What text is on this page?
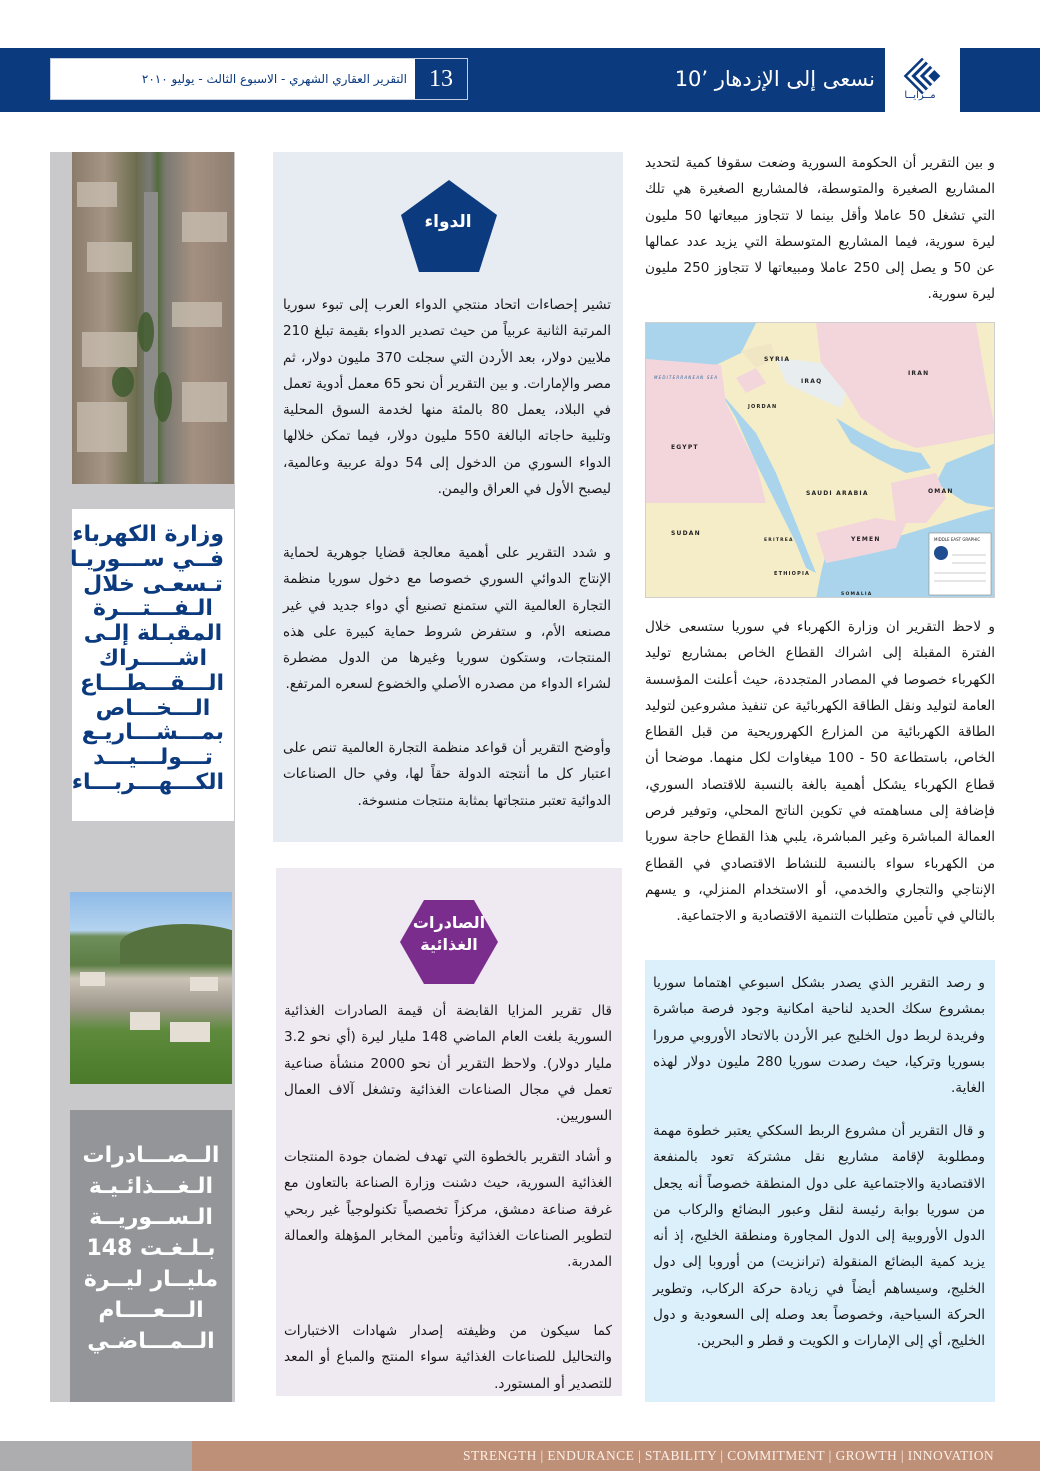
مــزايــا
نسعى إلى الإزدهار ’10
التقرير العقاري الشهري - الاسبوع الثالث - يوليو ٢٠١٠ 13
وزارة الكهرباء
فــي ســـوريـا
تـسعـى خلال
الـفـــتـــرة
المقبـلة إلـى
اشـــــراك
الـــقـــطـــاع
الـــخـــاص
بمـــشـــاريـع
تـــولـــيـــد
الكـــهـــربـــاء
الــصـــادرات
الـغـــذائـيـة
الـســوريــة
بـلـغـت 148
مليــار ليــرة
الـــعــــام
الــمـــاضـي
الدواء
تشير إحصاءات اتحاد منتجي الدواء العرب إلى تبوء سوريا المرتبة الثانية عربياً من حيث تصدير الدواء بقيمة تبلغ 210 ملايين دولار، بعد الأردن التي سجلت 370 مليون دولار، ثم مصر والإمارات. و بين التقرير أن نحو 65 معمل أدوية تعمل في البلاد، يعمل 80 بالمئة منها لخدمة السوق المحلية وتلبية حاجاته البالغة 550 مليون دولار، فيما تمكن خلالها الدواء السوري من الدخول إلى 54 دولة عربية وعالمية، ليصبح الأول في العراق واليمن.
و شدد التقرير على أهمية معالجة قضايا جوهرية لحماية الإنتاج الدوائي السوري خصوصا مع دخول سوريا منظمة التجارة العالمية التي ستمنع تصنيع أي دواء جديد في غير مصنعه الأم، و ستفرض شروط حماية كبيرة على هذه المنتجات، وستكون سوريا وغيرها من الدول مضطرة لشراء الدواء من مصدره الأصلي والخضوع لسعره المرتفع.
وأوضح التقرير أن قواعد منظمة التجارة العالمية تنص على اعتبار كل ما أنتجته الدولة حقاً لها، وفي حال الصناعات الدوائية تعتبر منتجاتها بمثابة منتجات منسوخة.
الصادرات
الغذائية
قال تقرير المزايا القابضة أن قيمة الصادرات الغذائية السورية بلغت العام الماضي 148 مليار ليرة (أي نحو 3.2 مليار دولار). ولاحظ التقرير أن نحو 2000 منشأة صناعية تعمل في مجال الصناعات الغذائية وتشغل آلاف العمال السوريين.
و أشاد التقرير بالخطوة التي تهدف لضمان جودة المنتجات الغذائية السورية، حيث دشنت وزارة الصناعة بالتعاون مع غرفة صناعة دمشق، مركزاً تخصصياً تكنولوجياً غير ربحي لتطوير الصناعات الغذائية وتأمين المخابر المؤهلة والعمالة المدربة.
كما سيكون من وظيفته إصدار شهادات الاختبارات والتحاليل للصناعات الغذائية سواء المنتج والمباع أو المعد للتصدير أو المستورد.
و بين التقرير أن الحكومة السورية وضعت سقوفا كمية لتحديد المشاريع الصغيرة والمتوسطة، فالمشاريع الصغيرة هي تلك التي تشغل 50 عاملا وأقل بينما لا تتجاوز مبيعاتها 50 مليون ليرة سورية، فيما المشاريع المتوسطة التي يزيد عدد عمالها عن 50 و يصل إلى 250 عاملا ومبيعاتها لا تتجاوز 250 مليون ليرة سورية.
SYRIA
IRAQ
IRAN
JORDAN
EGYPT
SAUDI ARABIA	OMAN
YEMEN
SUDAN
ERITREA
ETHIOPIA
SOMALIA
MEDITERRANEAN SEA
MIDDLE EAST GRAPHIC
و لاحظ التقرير ان وزارة الكهرباء في سوريا ستسعى خلال الفترة المقبلة إلى اشراك القطاع الخاص بمشاريع توليد الكهرباء خصوصا في المصادر المتجددة، حيث أعلنت المؤسسة العامة لتوليد ونقل الطاقة الكهربائية عن تنفيذ مشروعين لتوليد الطاقة الكهربائية من المزارع الكهروريحية من قبل القطاع الخاص، باستطاعة 50 - 100 ميغاوات لكل منهما. موضحا أن قطاع الكهرباء يشكل أهمية بالغة بالنسبة للاقتصاد السوري، فإضافة إلى مساهمته في تكوين الناتج المحلي، وتوفير فرص العمالة المباشرة وغير المباشرة، يلبي هذا القطاع حاجة سوريا من الكهرباء سواء بالنسبة للنشاط الاقتصادي في القطاع الإنتاجي والتجاري والخدمي، أو الاستخدام المنزلي، و يسهم بالتالي في تأمين متطلبات التنمية الاقتصادية و الاجتماعية.
و رصد التقرير الذي يصدر بشكل اسبوعي اهتماما سوريا بمشروع سكك الحديد لناحية امكانية وجود فرصة مباشرة وفريدة لربط دول الخليج عبر الأردن بالاتحاد الأوروبي مرورا بسوريا وتركيا، حيث رصدت سوريا 280 مليون دولار لهذه الغاية.
و قال التقرير أن مشروع الربط السككي يعتبر خطوة مهمة ومطلوبة لإقامة مشاريع نقل مشتركة تعود بالمنفعة الاقتصادية والاجتماعية على دول المنطقة خصوصاً أنه يجعل من سوريا بوابة رئيسة لنقل وعبور البضائع والركاب من الدول الأوروبية إلى الدول المجاورة ومنطقة الخليج، إذ أنه يزيد كمية البضائع المنقولة (ترانزيت) من أوروبا إلى دول الخليج، وسيساهم أيضاً في زيادة حركة الركاب، وتطوير الحركة السياحية، وخصوصاً بعد وصله إلى السعودية و دول الخليج، أي إلى الإمارات و الكويت و قطر و البحرين.
STRENGTH | ENDURANCE | STABILITY | COMMITMENT | GROWTH | INNOVATION
